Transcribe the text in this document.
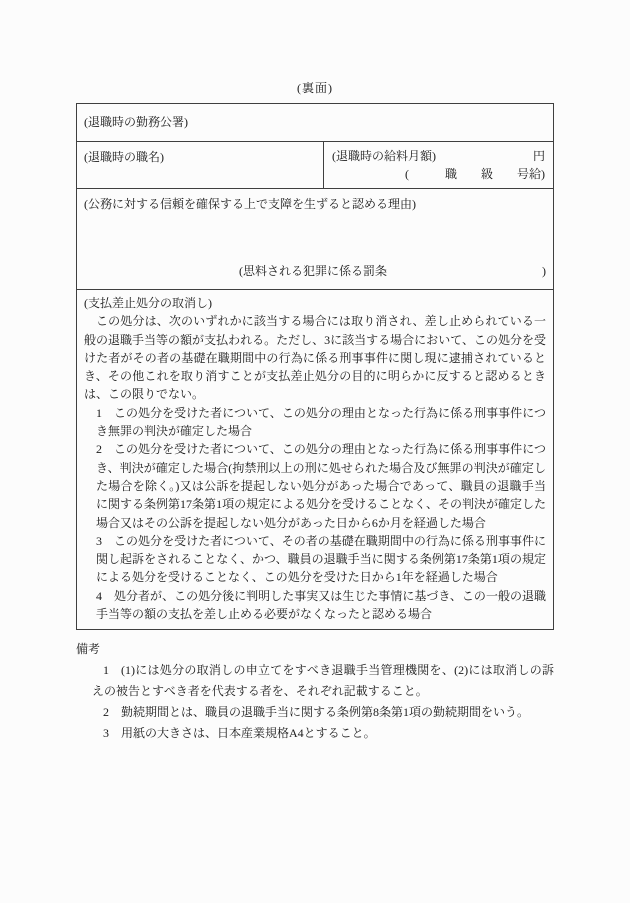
(裏面)
(退職時の勤務公署)
(退職時の職名)	(退職時の給料月額)	円
(　　　職　　級　　号給)
(公務に対する信頼を確保する上で支障を生ずると認める理由)
(思料される犯罪に係る罰条	)
(支払差止処分の取消し)
この処分は、次のいずれかに該当する場合には取り消され、差し止められている一般の退職手当等の額が支払われる。ただし、3に該当する場合において、この処分を受けた者がその者の基礎在職期間中の行為に係る刑事事件に関し現に逮捕されているとき、その他これを取り消すことが支払差止処分の目的に明らかに反すると認めるときは、この限りでない。
1 この処分を受けた者について、この処分の理由となった行為に係る刑事事件につき無罪の判決が確定した場合
2 この処分を受けた者について、この処分の理由となった行為に係る刑事事件につき、判決が確定した場合(拘禁刑以上の刑に処せられた場合及び無罪の判決が確定した場合を除く。)又は公訴を提起しない処分があった場合であって、職員の退職手当に関する条例第17条第1項の規定による処分を受けることなく、その判決が確定した場合又はその公訴を提起しない処分があった日から6か月を経過した場合
3 この処分を受けた者について、その者の基礎在職期間中の行為に係る刑事事件に関し起訴をされることなく、かつ、職員の退職手当に関する条例第17条第1項の規定による処分を受けることなく、この処分を受けた日から1年を経過した場合
4 処分者が、この処分後に判明した事実又は生じた事情に基づき、この一般の退職手当等の額の支払を差し止める必要がなくなったと認める場合
備考
1 (1)には処分の取消しの申立てをすべき退職手当管理機関を、(2)には取消しの訴えの被告とすべき者を代表する者を、それぞれ記載すること。
2 勤続期間とは、職員の退職手当に関する条例第8条第1項の勤続期間をいう。
3 用紙の大きさは、日本産業規格A4とすること。
